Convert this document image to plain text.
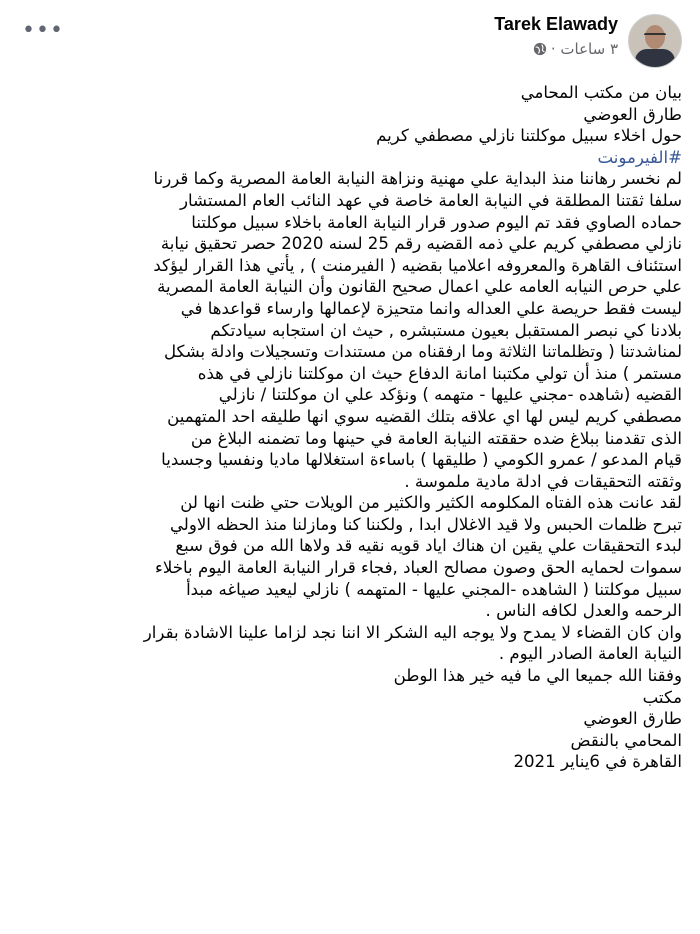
Tarek Elawady
٣ ساعات ·
•••

بيان من مكتب المحامي

طارق العوضي

حول اخلاء سبيل موكلتنا نازلي مصطفي كريم

#الفيرمونت

لم نخسر رهاننا منذ البداية علي مهنية ونزاهة النيابة العامة المصرية وكما قررنا

سلفا ثقتنا المطلقة في النيابة العامة خاصة في عهد النائب العام المستشار

حماده الصاوي فقد تم اليوم صدور قرار النيابة العامة باخلاء سبيل موكلتنا

نازلي مصطفي كريم علي ذمه القضيه رقم 25 لسنه 2020 حصر تحقيق نيابة

استئناف القاهرة والمعروفه اعلاميا بقضيه ( الفيرمنت ) , يأتي هذا القرار ليؤكد

علي حرص النيابه العامه علي اعمال صحيح القانون وأن النيابة العامة المصرية

ليست فقط حريصة علي العداله وانما متحيزة لإعمالها وارساء قواعدها في

بلادنا كي نبصر المستقبل بعيون مستبشره , حيث ان استجابه سيادتكم

لمناشدتنا ( وتظلماتنا الثلاثة وما ارفقناه من مستندات وتسجيلات وادلة بشكل

مستمر ) منذ أن تولي مكتبنا امانة الدفاع حيث ان موكلتنا نازلي في هذه

القضيه (شاهده -مجني عليها - متهمه ) ونؤكد علي ان موكلتنا / نازلي

مصطفي كريم ليس لها اي علاقه بتلك القضيه سوي انها طليقه احد المتهمين

الذى تقدمنا ببلاغ ضده حققته النيابة العامة في حينها وما تضمنه البلاغ من

قيام المدعو / عمرو الكومي ( طليقها ) باساءة استغلالها ماديا ونفسيا وجسديا

وثقته التحقيقات في ادلة مادية ملموسة .

لقد عانت هذه الفتاه المكلومه الكثير والكثير من الويلات حتي ظنت انها لن

تبرح ظلمات الحبس ولا قيد الاغلال ابدا , ولكننا كنا ومازلنا منذ الحظه الاولي

لبدء التحقيقات علي يقين ان هناك اياد قويه نقيه قد ولاها الله من فوق سبع

سموات لحمايه الحق وصون مصالح العباد ,فجاء قرار النيابة العامة اليوم باخلاء

سبيل موكلتنا ( الشاهده -المجني عليها - المتهمه ) نازلي ليعيد صياغه مبدأ

الرحمه والعدل لكافه الناس .

وان كان القضاء لا يمدح ولا يوجه اليه الشكر الا اننا نجد لزاما علينا الاشادة بقرار

النيابة العامة الصادر اليوم .

وفقنا الله جميعا الي ما فيه خير هذا الوطن

مكتب

طارق العوضي

المحامي بالنقض

القاهرة في 6يناير 2021
